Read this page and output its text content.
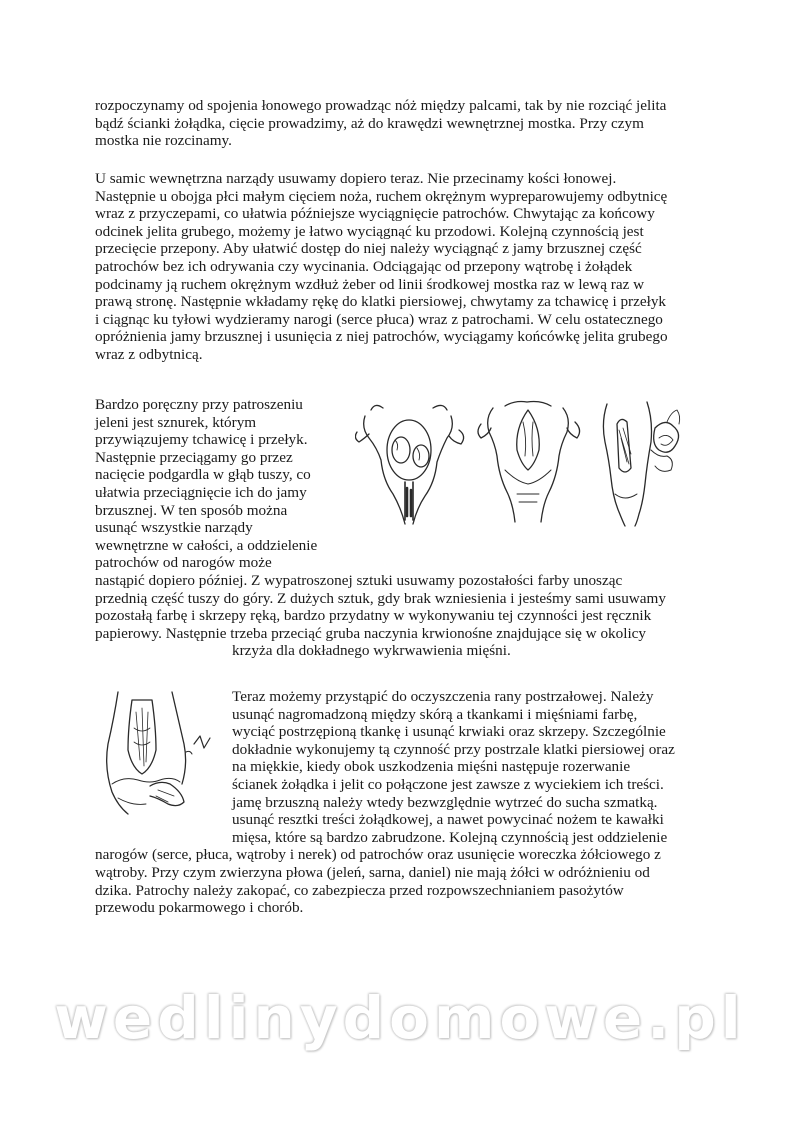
rozpoczynamy od spojenia łonowego prowadząc nóż między palcami, tak by nie rozciąć jelita
bądź ścianki żołądka, cięcie prowadzimy, aż do krawędzi wewnętrznej mostka. Przy czym
mostka nie rozcinamy.
U samic wewnętrzna narządy usuwamy dopiero teraz. Nie przecinamy kości łonowej.
Następnie u obojga płci małym cięciem noża, ruchem okrężnym wypreparowujemy odbytnicę
wraz z przyczepami, co ułatwia późniejsze wyciągnięcie patrochów. Chwytając za końcowy
odcinek jelita grubego, możemy je łatwo wyciągnąć ku przodowi. Kolejną czynnością jest
przecięcie przepony. Aby ułatwić dostęp do niej należy wyciągnąć z jamy brzusznej część
patrochów bez ich odrywania czy wycinania. Odciągając od przepony wątrobę i żołądek
podcinamy ją ruchem okrężnym wzdłuż żeber od linii środkowej mostka raz w lewą raz w
prawą stronę. Następnie wkładamy rękę do klatki piersiowej, chwytamy za tchawicę i przełyk
i ciągnąc ku tyłowi wydzieramy narogi (serce płuca) wraz z patrochami. W celu ostatecznego
opróżnienia jamy brzusznej i usunięcia z niej patrochów, wyciągamy końcówkę jelita grubego
wraz z odbytnicą.
Bardzo poręczny przy patroszeniu
jeleni jest sznurek, którym
przywiązujemy tchawicę i przełyk.
Następnie przeciągamy go przez
nacięcie podgardla w głąb tuszy, co
ułatwia przeciągnięcie ich do jamy
brzusznej. W ten sposób można
usunąć wszystkie narządy
wewnętrzne w całości, a oddzielenie
patrochów od narogów może
nastąpić dopiero później. Z wypatroszonej sztuki usuwamy pozostałości farby unosząc
przednią część tuszy do góry. Z dużych sztuk, gdy brak wzniesienia i jesteśmy sami usuwamy
pozostałą farbę i skrzepy ręką, bardzo przydatny w wykonywaniu tej czynności jest ręcznik
papierowy. Następnie trzeba przeciąć gruba naczynia krwionośne znajdujące się w okolicy
krzyża dla dokładnego wykrwawienia mięśni.
Teraz możemy przystąpić do oczyszczenia rany postrzałowej. Należy
usunąć nagromadzoną między skórą a tkankami i mięśniami farbę,
wyciąć postrzępioną tkankę i usunąć krwiaki oraz skrzepy. Szczególnie
dokładnie wykonujemy tą czynność przy postrzale klatki piersiowej oraz
na miękkie, kiedy obok uszkodzenia mięśni następuje rozerwanie
ścianek żołądka i jelit co połączone jest zawsze z wyciekiem ich treści.
jamę brzuszną należy wtedy bezwzględnie wytrzeć do sucha szmatką.
usunąć resztki treści żołądkowej, a nawet powycinać nożem te kawałki
mięsa, które są bardzo zabrudzone. Kolejną czynnością jest oddzielenie
narogów (serce, płuca, wątroby i nerek) od patrochów oraz usunięcie woreczka żółciowego z
wątroby. Przy czym zwierzyna płowa (jeleń, sarna, daniel) nie mają żółci w odróżnieniu od
dzika. Patrochy należy zakopać, co zabezpiecza przed rozpowszechnianiem pasożytów
przewodu pokarmowego i chorób.
wedlinydomowe.pl
